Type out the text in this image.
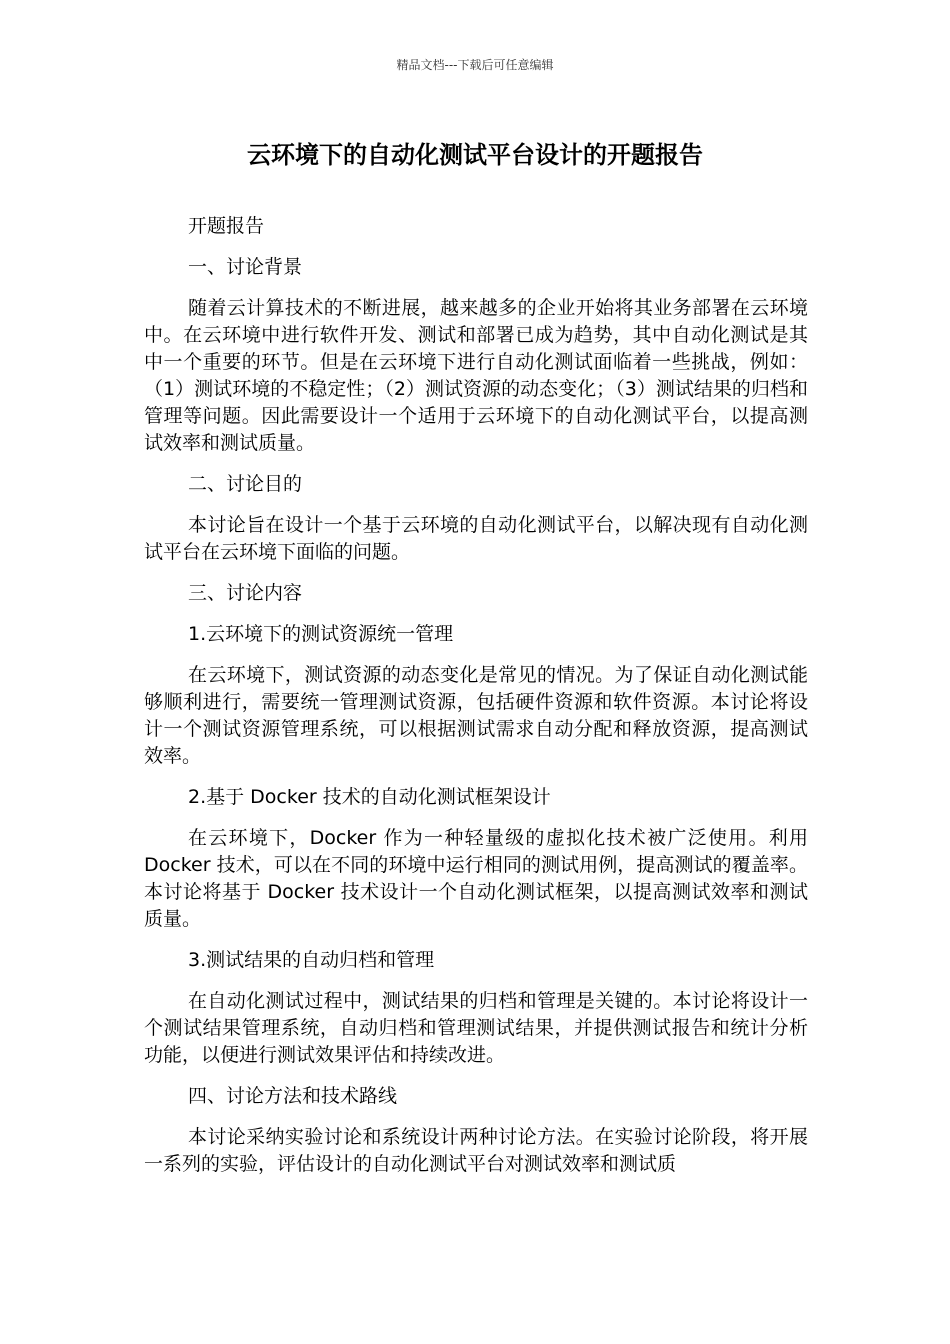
精品文档---下载后可任意编辑
云环境下的自动化测试平台设计的开题报告

开题报告

一、讨论背景

随着云计算技术的不断进展，越来越多的企业开始将其业务部署在云环境中。在云环境中进行软件开发、测试和部署已成为趋势，其中自动化测试是其中一个重要的环节。但是在云环境下进行自动化测试面临着一些挑战，例如：（1）测试环境的不稳定性；（2）测试资源的动态变化；（3）测试结果的归档和管理等问题。因此需要设计一个适用于云环境下的自动化测试平台，以提高测试效率和测试质量。

二、讨论目的

本讨论旨在设计一个基于云环境的自动化测试平台，以解决现有自动化测试平台在云环境下面临的问题。

三、讨论内容

1.云环境下的测试资源统一管理

在云环境下，测试资源的动态变化是常见的情况。为了保证自动化测试能够顺利进行，需要统一管理测试资源，包括硬件资源和软件资源。本讨论将设计一个测试资源管理系统，可以根据测试需求自动分配和释放资源，提高测试效率。

2.基于 Docker 技术的自动化测试框架设计

在云环境下，Docker 作为一种轻量级的虚拟化技术被广泛使用。利用 Docker 技术，可以在不同的环境中运行相同的测试用例，提高测试的覆盖率。本讨论将基于 Docker 技术设计一个自动化测试框架，以提高测试效率和测试质量。

3.测试结果的自动归档和管理

在自动化测试过程中，测试结果的归档和管理是关键的。本讨论将设计一个测试结果管理系统，自动归档和管理测试结果，并提供测试报告和统计分析功能，以便进行测试效果评估和持续改进。

四、讨论方法和技术路线

本讨论采纳实验讨论和系统设计两种讨论方法。在实验讨论阶段，将开展一系列的实验，评估设计的自动化测试平台对测试效率和测试质
